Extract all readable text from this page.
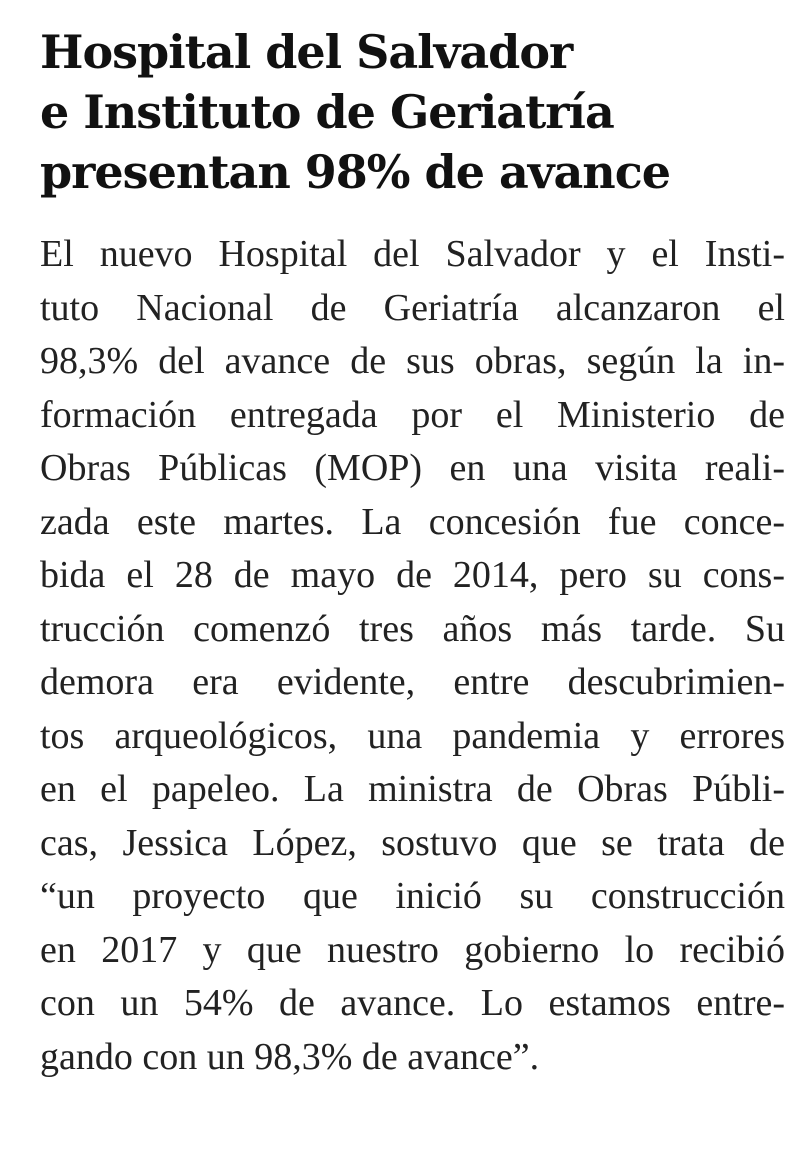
Hospital del Salvador
e Instituto de Geriatría
presentan 98% de avance
El nuevo Hospital del Salvador y el Insti-
tuto Nacional de Geriatría alcanzaron el
98,3% del avance de sus obras, según la in-
formación entregada por el Ministerio de
Obras Públicas (MOP) en una visita reali-
zada este martes. La concesión fue conce-
bida el 28 de mayo de 2014, pero su cons-
trucción comenzó tres años más tarde. Su
demora era evidente, entre descubrimien-
tos arqueológicos, una pandemia y errores
en el papeleo. La ministra de Obras Públi-
cas, Jessica López, sostuvo que se trata de
“un proyecto que inició su construcción
en 2017 y que nuestro gobierno lo recibió
con un 54% de avance. Lo estamos entre-
gando con un 98,3% de avance”.
